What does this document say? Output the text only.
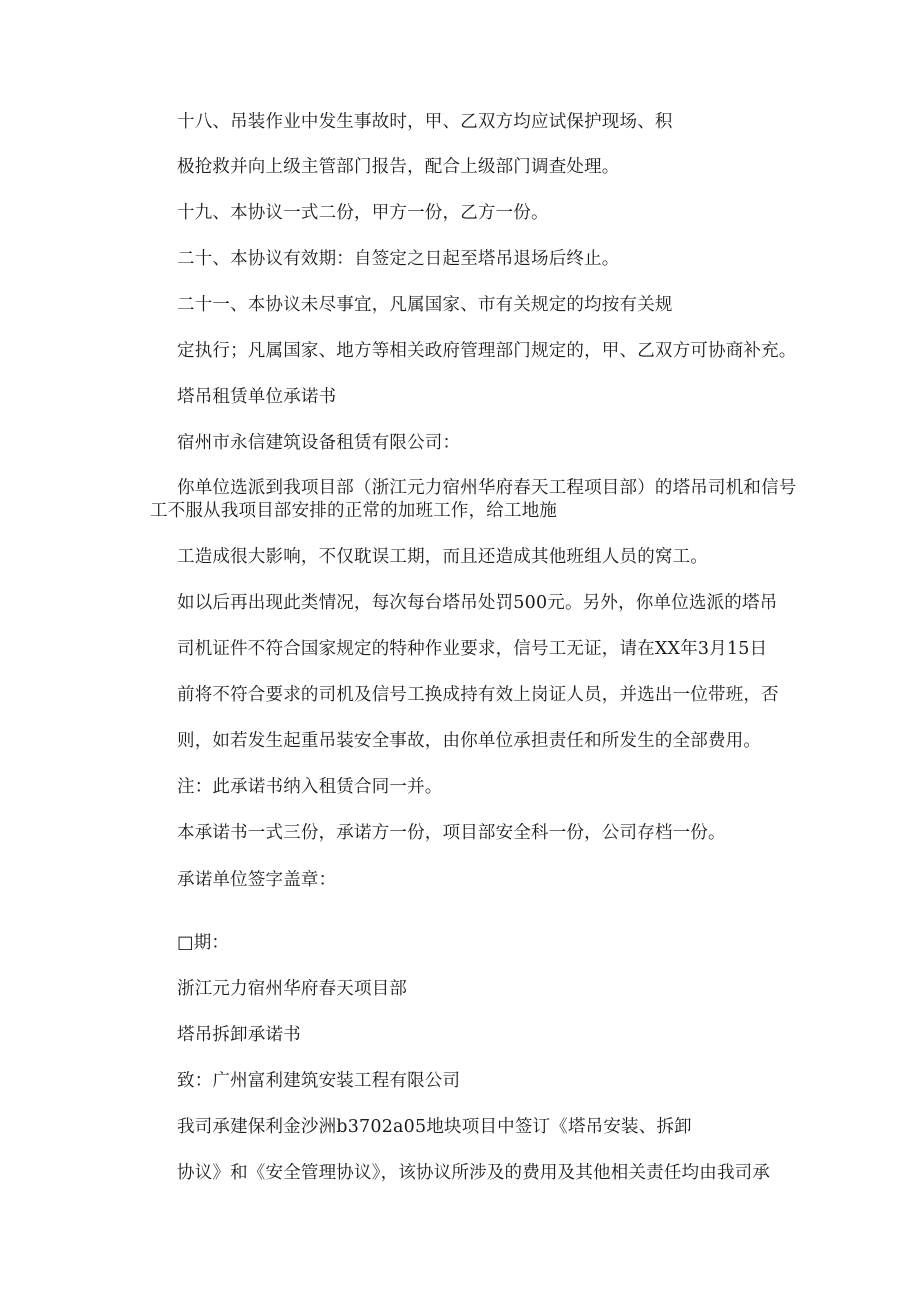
十八、吊装作业中发生事故时，甲、乙双方均应试保护现场、积

极抢救并向上级主管部门报告，配合上级部门调查处理。

十九、本协议一式二份，甲方一份，乙方一份。

二十、本协议有效期：自签定之日起至塔吊退场后终止。

二十一、本协议未尽事宜，凡属国家、市有关规定的均按有关规

定执行；凡属国家、地方等相关政府管理部门规定的，甲、乙双方可协商补充。

塔吊租赁单位承诺书

宿州市永信建筑设备租赁有限公司：

你单位选派到我项目部（浙江元力宿州华府春天工程项目部）的塔吊司机和信号

工不服从我项目部安排的正常的加班工作，给工地施

工造成很大影响，不仅耽误工期，而且还造成其他班组人员的窝工。

如以后再出现此类情况，每次每台塔吊处罚500元。另外，你单位选派的塔吊

司机证件不符合国家规定的特种作业要求，信号工无证，请在XX年3月15日

前将不符合要求的司机及信号工换成持有效上岗证人员，并选出一位带班，否

则，如若发生起重吊装安全事故，由你单位承担责任和所发生的全部费用。

注：此承诺书纳入租赁合同一并。

本承诺书一式三份，承诺方一份，项目部安全科一份，公司存档一份。

承诺单位签字盖章：

□期：

浙江元力宿州华府春天项目部

塔吊拆卸承诺书

致：广州富利建筑安装工程有限公司

我司承建保利金沙洲b3702a05地块项目中签订《塔吊安装、拆卸

协议》和《安全管理协议》，该协议所涉及的费用及其他相关责任均由我司承
